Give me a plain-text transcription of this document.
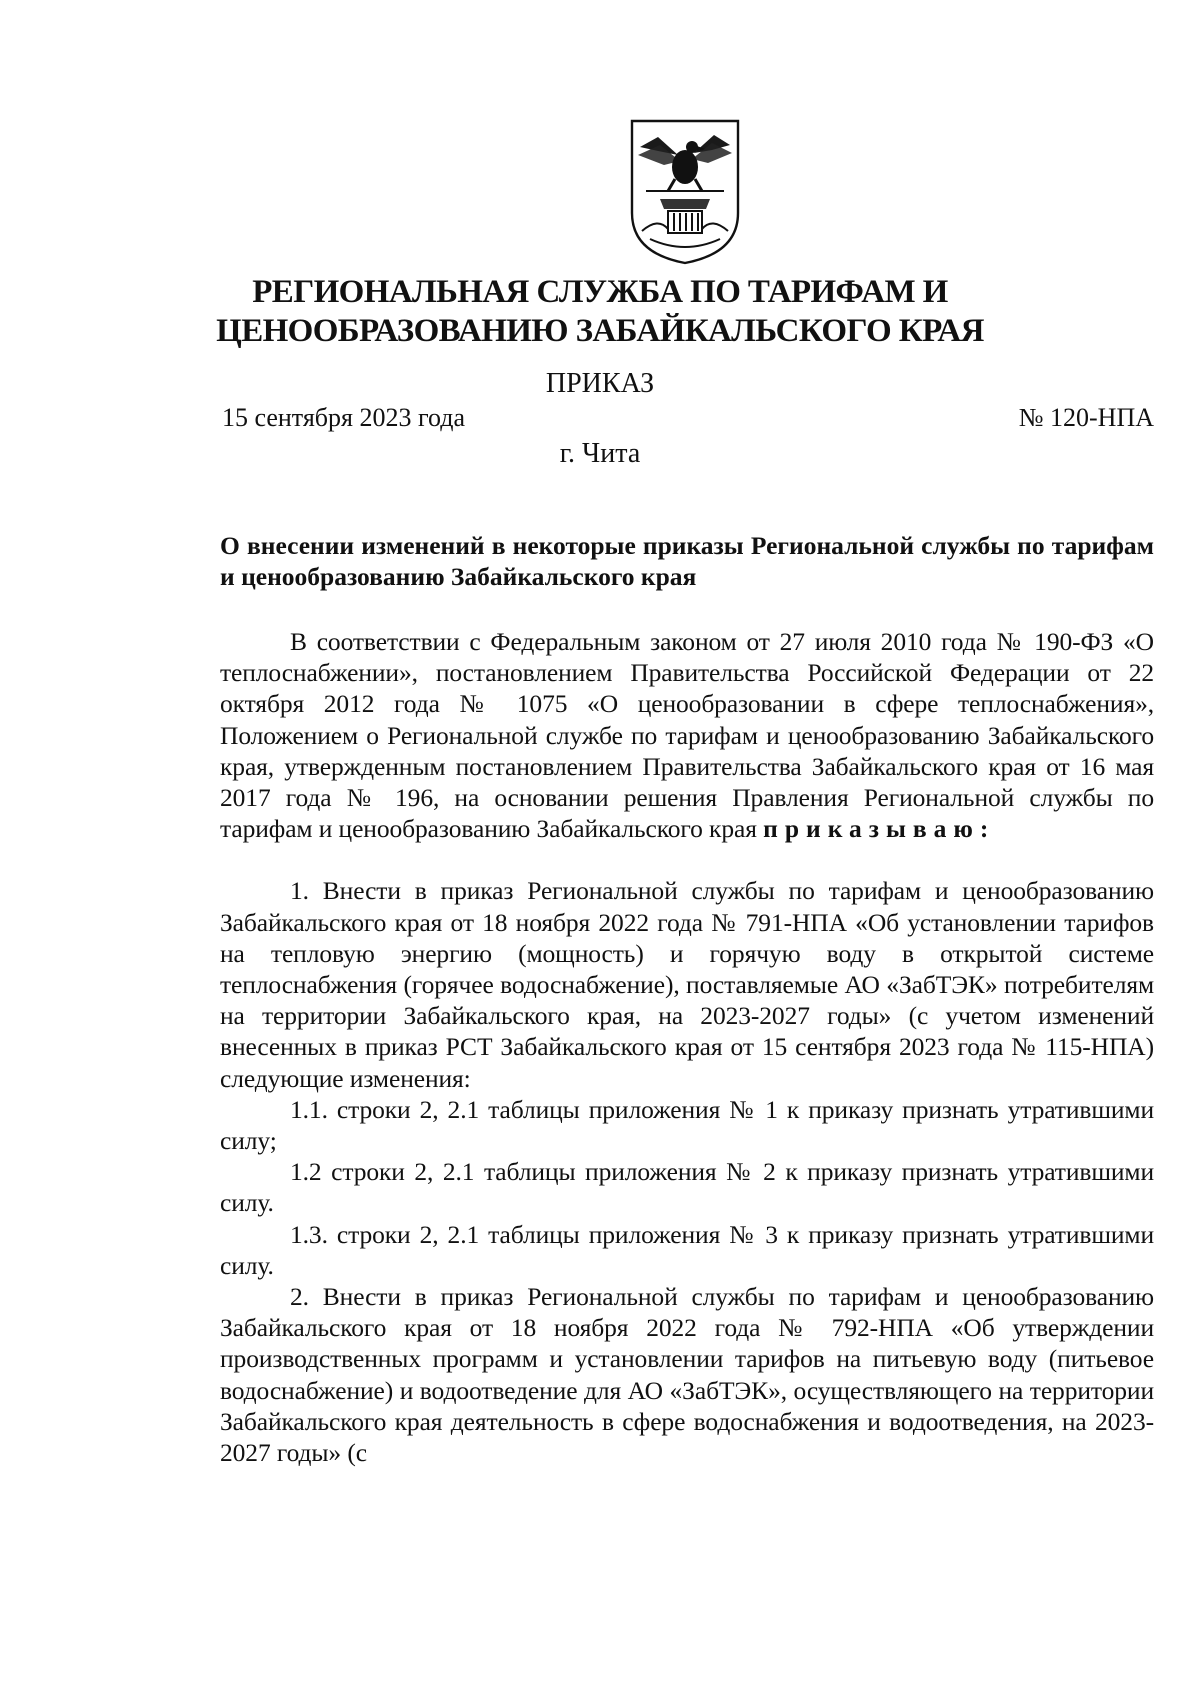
РЕГИОНАЛЬНАЯ СЛУЖБА ПО ТАРИФАМ И
ЦЕНООБРАЗОВАНИЮ ЗАБАЙКАЛЬСКОГО КРАЯ
ПРИКАЗ
15 сентября 2023 года	№ 120-НПА
г. Чита
О внесении изменений в некоторые приказы Региональной службы по тарифам и ценообразованию Забайкальского края

В соответствии с Федеральным законом от 27 июля 2010 года № 190-ФЗ «О теплоснабжении», постановлением Правительства Российской Федерации от 22 октября 2012 года № 1075 «О ценообразовании в сфере теплоснабжения», Положением о Региональной службе по тарифам и ценообразованию Забайкальского края, утвержденным постановлением Правительства Забайкальского края от 16 мая 2017 года № 196, на основании решения Правления Региональной службы по тарифам и ценообразованию Забайкальского края приказываю:

1. Внести в приказ Региональной службы по тарифам и ценообразованию Забайкальского края от 18 ноября 2022 года № 791-НПА «Об установлении тарифов на тепловую энергию (мощность) и горячую воду в открытой системе теплоснабжения (горячее водоснабжение), поставляемые АО «ЗабТЭК» потребителям на территории Забайкальского края, на 2023-2027 годы» (с учетом изменений внесенных в приказ РСТ Забайкальского края от 15 сентября 2023 года № 115-НПА) следующие изменения:

1.1. строки 2, 2.1 таблицы приложения № 1 к приказу признать утратившими силу;

1.2 строки 2, 2.1 таблицы приложения № 2 к приказу признать утратившими силу.

1.3. строки 2, 2.1 таблицы приложения № 3 к приказу признать утратившими силу.

2. Внести в приказ Региональной службы по тарифам и ценообразованию Забайкальского края от 18 ноября 2022 года № 792-НПА «Об утверждении производственных программ и установлении тарифов на питьевую воду (питьевое водоснабжение) и водоотведение для АО «ЗабТЭК», осуществляющего на территории Забайкальского края деятельность в сфере водоснабжения и водоотведения, на 2023-2027 годы» (с
